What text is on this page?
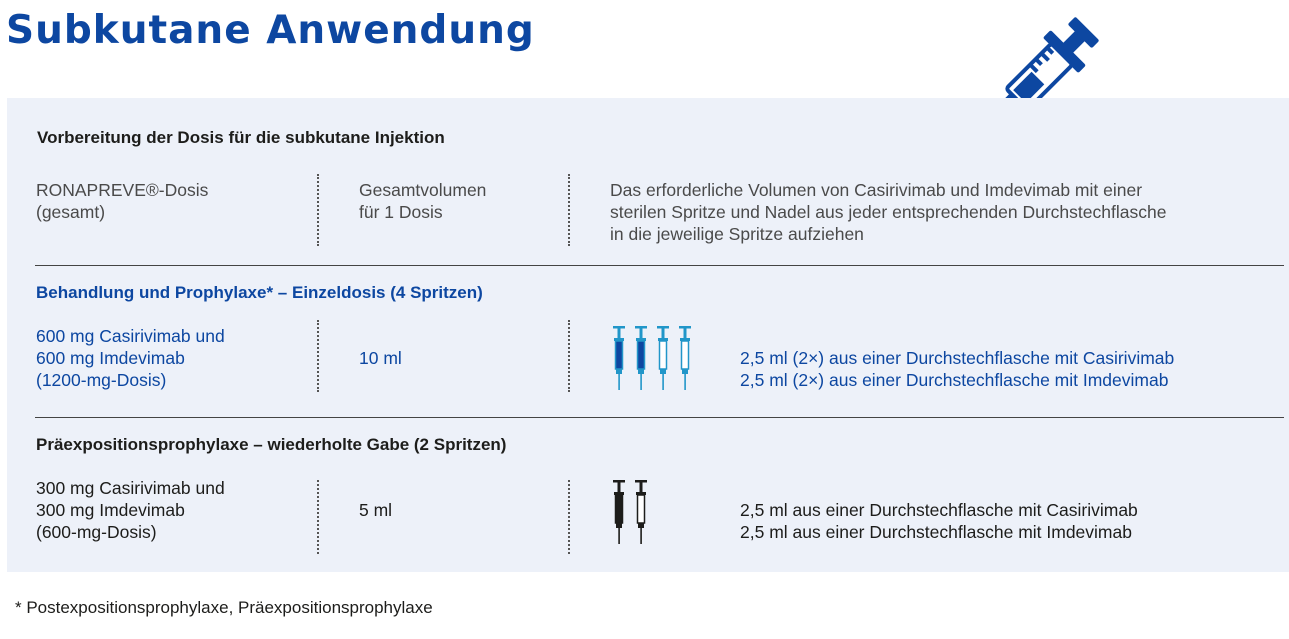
Subkutane Anwendung
Vorbereitung der Dosis für die subkutane Injektion
RONAPREVE®-Dosis
(gesamt)
Gesamtvolumen
für 1 Dosis
Das erforderliche Volumen von Casirivimab und Imdevimab mit einer
sterilen Spritze und Nadel aus jeder entsprechenden Durchstechflasche
in die jeweilige Spritze aufziehen
Behandlung und Prophylaxe* – Einzeldosis (4 Spritzen)
600 mg Casirivimab und
600 mg Imdevimab
(1200-mg-Dosis)
10 ml	2,5 ml (2×) aus einer Durchstechflasche mit Casirivimab
2,5 ml (2×) aus einer Durchstechflasche mit Imdevimab
Präexpositionsprophylaxe – wiederholte Gabe (2 Spritzen)
300 mg Casirivimab und
300 mg Imdevimab
(600-mg-Dosis)
5 ml	2,5 ml aus einer Durchstechflasche mit Casirivimab
2,5 ml aus einer Durchstechflasche mit Imdevimab
* Postexpositionsprophylaxe, Präexpositionsprophylaxe
